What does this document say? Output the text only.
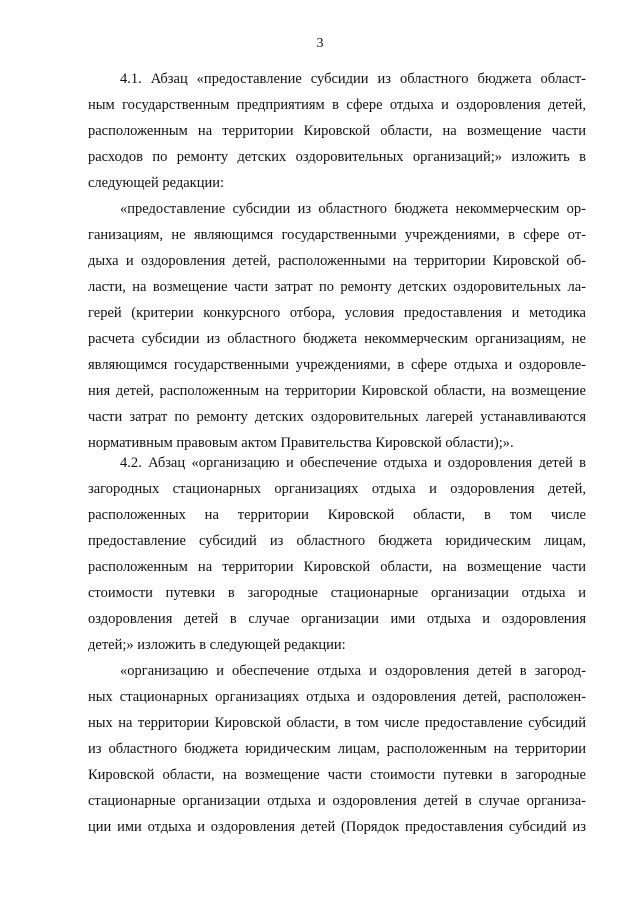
3
4.1. Абзац «предоставление субсидии из областного бюджета област-
ным государственным предприятиям в сфере отдыха и оздоровления детей,
расположенным на территории Кировской области, на возмещение части
расходов по ремонту детских оздоровительных организаций;» изложить в
следующей редакции:
«предоставление субсидии из областного бюджета некоммерческим ор-
ганизациям, не являющимся государственными учреждениями, в сфере от-
дыха и оздоровления детей, расположенными на территории Кировской об-
ласти, на возмещение части затрат по ремонту детских оздоровительных ла-
герей (критерии конкурсного отбора, условия предоставления и методика
расчета субсидии из областного бюджета некоммерческим организациям, не
являющимся государственными учреждениями, в сфере отдыха и оздоровле-
ния детей, расположенным на территории Кировской области, на возмещение
части затрат по ремонту детских оздоровительных лагерей устанавливаются
нормативным правовым актом Правительства Кировской области);».
4.2. Абзац «организацию и обеспечение отдыха и оздоровления детей в
загородных стационарных организациях отдыха и оздоровления детей,
расположенных на территории Кировской области, в том числе
предоставление субсидий из областного бюджета юридическим лицам,
расположенным на территории Кировской области, на возмещение части
стоимости путевки в загородные стационарные организации отдыха и
оздоровления детей в случае организации ими отдыха и оздоровления
детей;» изложить в следующей редакции:
«организацию и обеспечение отдыха и оздоровления детей в загород-
ных стационарных организациях отдыха и оздоровления детей, расположен-
ных на территории Кировской области, в том числе предоставление субсидий
из областного бюджета юридическим лицам, расположенным на территории
Кировской области, на возмещение части стоимости путевки в загородные
стационарные организации отдыха и оздоровления детей в случае организа-
ции ими отдыха и оздоровления детей (Порядок предоставления субсидий из
